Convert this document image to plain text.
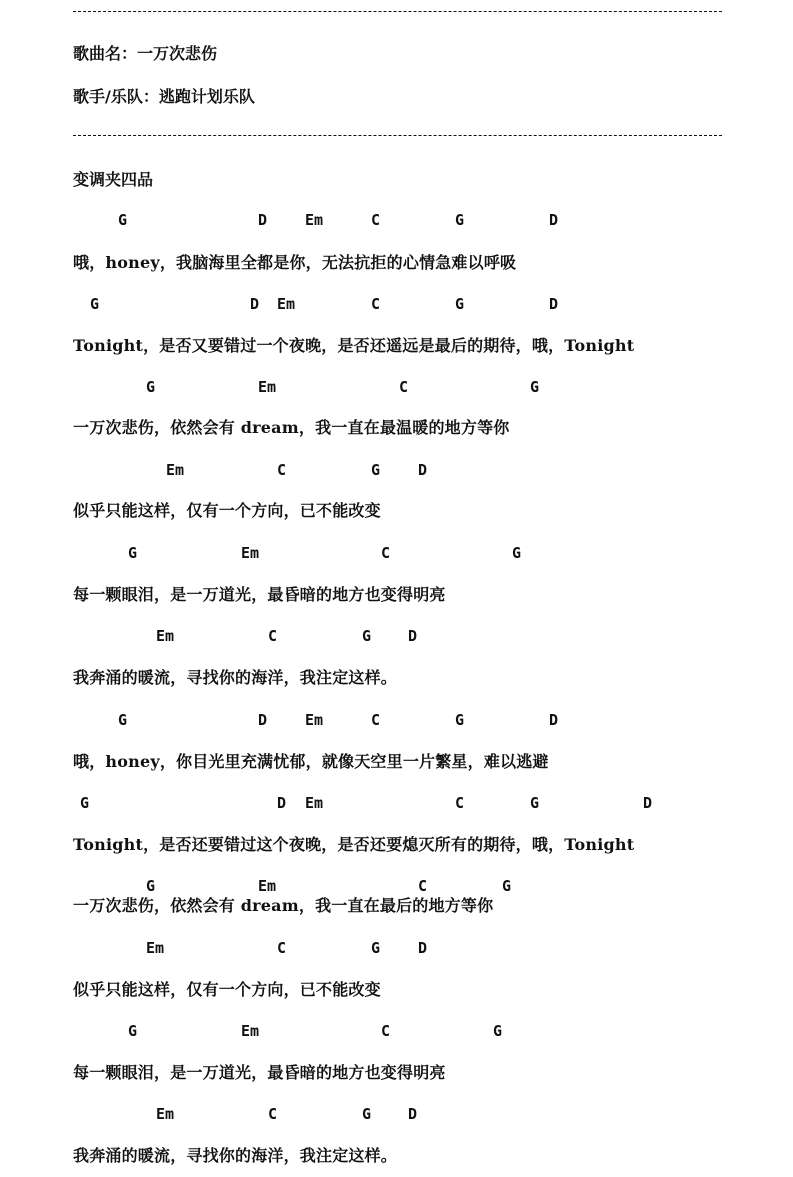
歌曲名：一万次悲伤
歌手/乐队：逃跑计划乐队
变调夹四品
G	D	Em	C	G	D
哦，honey，我脑海里全都是你，无法抗拒的心情急难以呼吸
G	D Em	C	G	D
Tonight，是否又要错过一个夜晚，是否还遥远是最后的期待，哦，Tonight
G	Em	C	G
一万次悲伤，依然会有 dream，我一直在最温暖的地方等你
Em	C	G	D
似乎只能这样，仅有一个方向，已不能改变
G	Em	C	G
每一颗眼泪，是一万道光，最昏暗的地方也变得明亮
Em	C	G D
我奔涌的暖流，寻找你的海洋，我注定这样。
G	D	Em	C	G	D
哦，honey，你目光里充满忧郁，就像天空里一片繁星，难以逃避
G	D Em	C	G	D
Tonight，是否还要错过这个夜晚，是否还要熄灭所有的期待，哦，Tonight
G	Em	C	G
一万次悲伤，依然会有 dream，我一直在最后的地方等你
Em	C	G	D
似乎只能这样，仅有一个方向，已不能改变
G	Em	C	G
每一颗眼泪，是一万道光，最昏暗的地方也变得明亮
Em	C	G D
我奔涌的暖流，寻找你的海洋，我注定这样。
